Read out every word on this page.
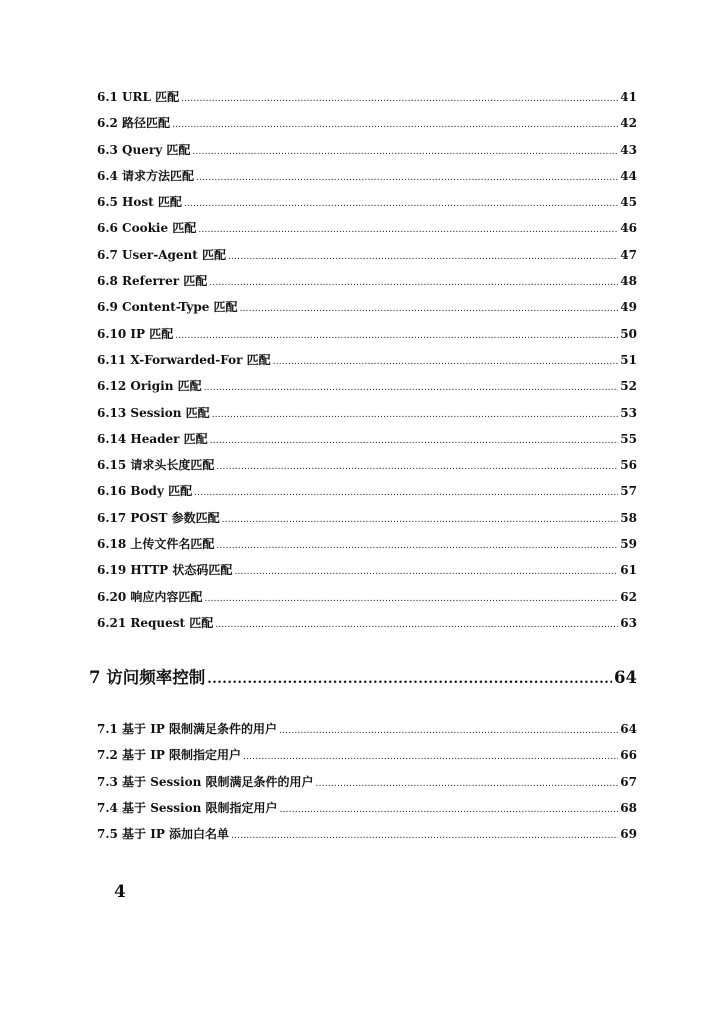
6.1 URL 匹配 .....	41
6.2 路径匹配 .....	42
6.3 Query 匹配 .....	43
6.4 请求方法匹配 .....	44
6.5 Host 匹配 .....	45
6.6 Cookie 匹配 .....	46
6.7 User-Agent 匹配 .....	47
6.8 Referrer 匹配 .....	48
6.9 Content-Type 匹配 .....	49
6.10 IP 匹配 .....	50
6.11 X-Forwarded-For 匹配 .....	51
6.12 Origin 匹配 .....	52
6.13 Session 匹配 .....	53
6.14 Header 匹配 .....	55
6.15 请求头长度匹配 .....	56
6.16 Body 匹配 .....	57
6.17 POST 参数匹配 .....	58
6.18 上传文件名匹配 .....	59
6.19 HTTP 状态码匹配 .....	61
6.20 响应内容匹配 .....	62
6.21 Request 匹配 .....	63
7 访问频率控制 .....	64
7.1 基于 IP 限制满足条件的用户 .....	64
7.2 基于 IP 限制指定用户 .....	66
7.3 基于 Session 限制满足条件的用户 .....	67
7.4 基于 Session 限制指定用户 .....	68
7.5 基于 IP 添加白名单 .....	69
4
